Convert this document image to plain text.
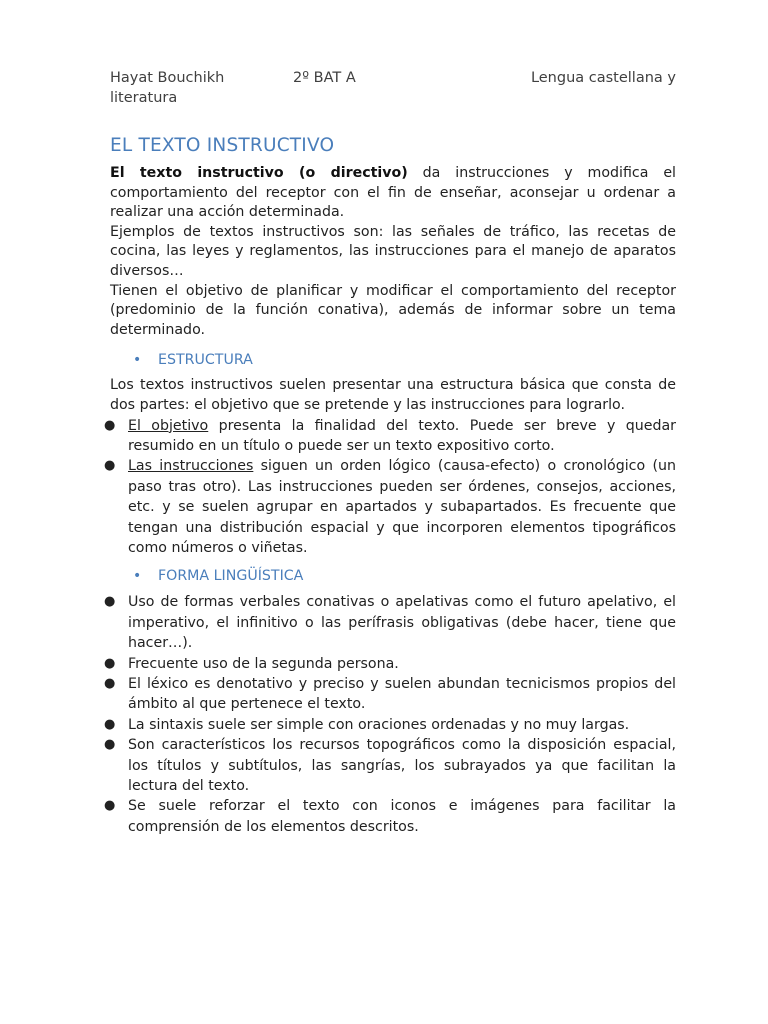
Hayat Bouchikh	2º BAT A	Lengua castellana y
literatura
EL TEXTO INSTRUCTIVO

El texto instructivo (o directivo) da instrucciones y modifica el comportamiento del receptor con el fin de enseñar, aconsejar u ordenar a realizar una acción determinada.

Ejemplos de textos instructivos son: las señales de tráfico, las recetas de cocina, las leyes y reglamentos, las instrucciones para el manejo de aparatos diversos…

Tienen el objetivo de planificar y modificar el comportamiento del receptor (predominio de la función conativa), además de informar sobre un tema determinado.

• ESTRUCTURA

Los textos instructivos suelen presentar una estructura básica que consta de dos partes: el objetivo que se pretende y las instrucciones para lograrlo.

● El objetivo presenta la finalidad del texto. Puede ser breve y quedar resumido en un título o puede ser un texto expositivo corto.
● Las instrucciones siguen un orden lógico (causa-efecto) o cronológico (un paso tras otro). Las instrucciones pueden ser órdenes, consejos, acciones, etc. y se suelen agrupar en apartados y subapartados. Es frecuente que tengan una distribución espacial y que incorporen elementos tipográficos como números o viñetas.
• FORMA LINGÜÍSTICA
● Uso de formas verbales conativas o apelativas como el futuro apelativo, el imperativo, el infinitivo o las perífrasis obligativas (debe hacer, tiene que hacer…).
● Frecuente uso de la segunda persona.
● El léxico es denotativo y preciso y suelen abundan tecnicismos propios del ámbito al que pertenece el texto.
● La sintaxis suele ser simple con oraciones ordenadas y no muy largas.
● Son característicos los recursos topográficos como la disposición espacial, los títulos y subtítulos, las sangrías, los subrayados ya que facilitan la lectura del texto.
● Se suele reforzar el texto con iconos e imágenes para facilitar la comprensión de los elementos descritos.
